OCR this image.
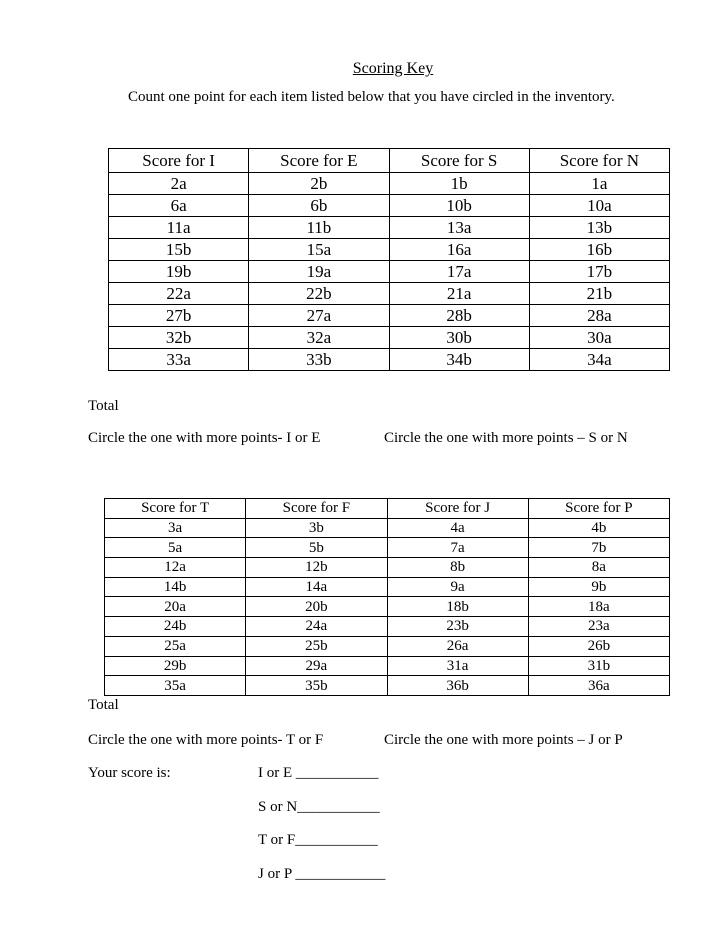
Scoring Key
Count one point for each item listed below that you have circled in the inventory.
Score for I	Score for E	Score for S	Score for N
2a	2b	1b	1a
6a	6b	10b	10a
11a	11b	13a	13b
15b	15a	16a	16b
19b	19a	17a	17b
22a	22b	21a	21b
27b	27a	28b	28a
32b	32a	30b	30a
33a	33b	34b	34a
Total
Circle the one with more points- I or E	Circle the one with more points – S or N
Score for T	Score for F	Score for J	Score for P
3a	3b	4a	4b
5a	5b	7a	7b
12a	12b	8b	8a
14b	14a	9a	9b
20a	20b	18b	18a
24b	24a	23b	23a
25a	25b	26a	26b
29b	29a	31a	31b
35a	35b	36b	36a
Total
Circle the one with more points- T or F	Circle the one with more points – J or P
Your score is:	I or E ___________
S or N___________
T or F___________
J or P ____________
